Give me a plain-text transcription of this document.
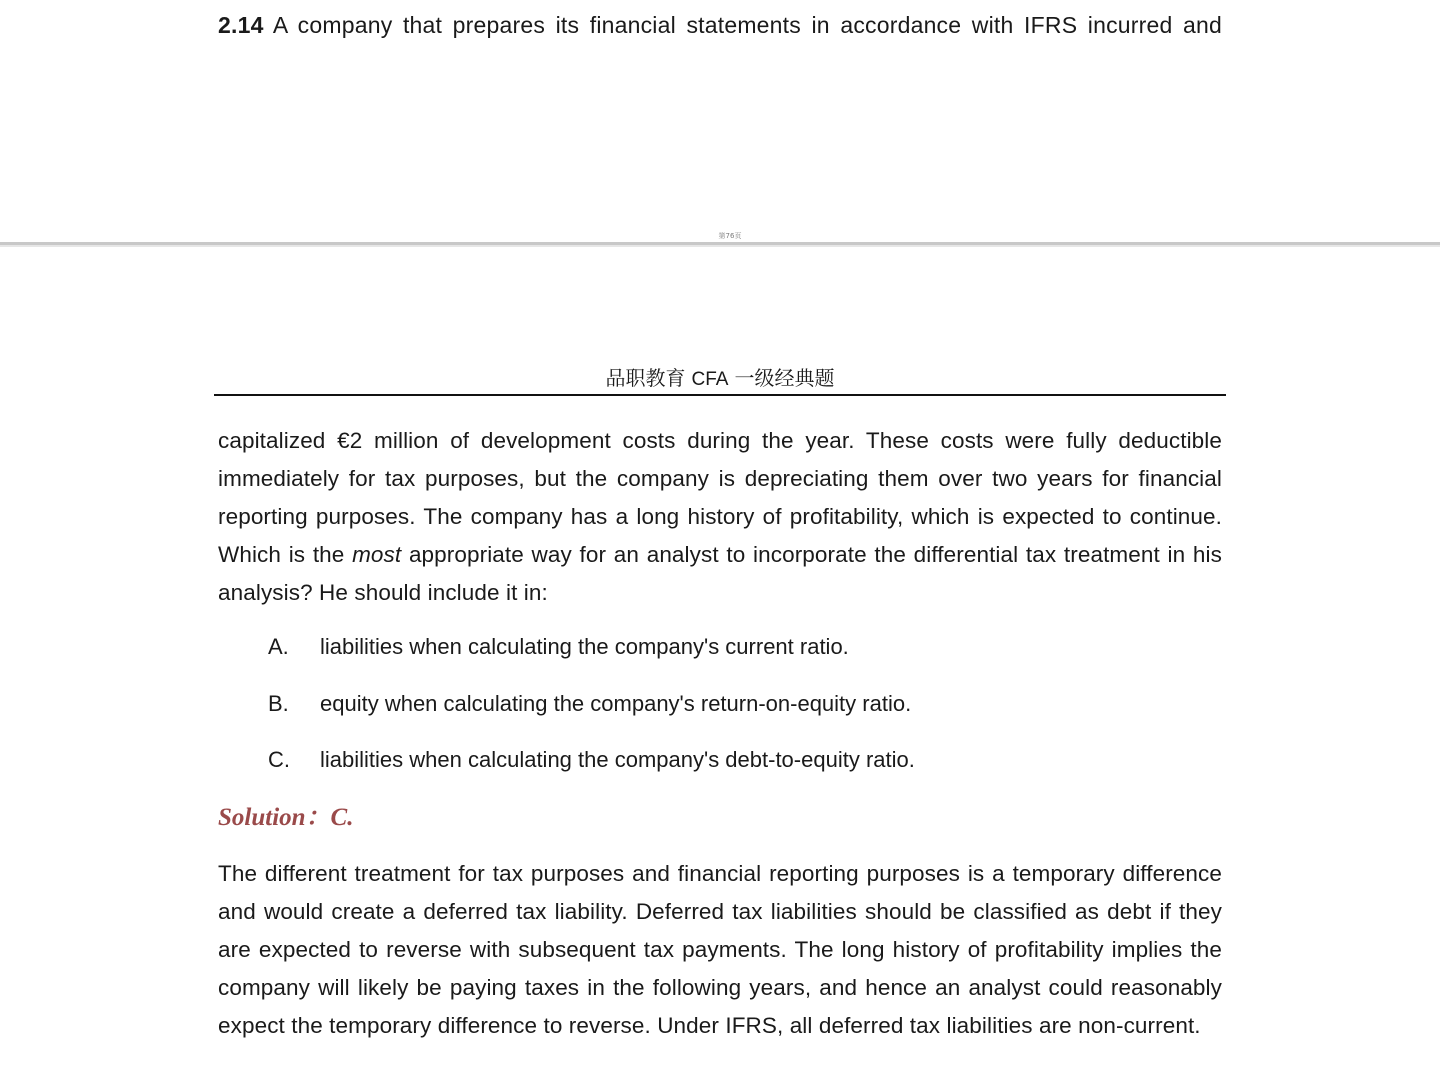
2.14 A company that prepares its financial statements in accordance with IFRS incurred and
第76页
品职教育 CFA 一级经典题
capitalized €2 million of development costs during the year. These costs were fully deductible immediately for tax purposes, but the company is depreciating them over two years for financial reporting purposes. The company has a long history of profitability, which is expected to continue. Which is the most appropriate way for an analyst to incorporate the differential tax treatment in his analysis? He should include it in:
A.	liabilities when calculating the company's current ratio.
B.	equity when calculating the company's return-on-equity ratio.
C.	liabilities when calculating the company's debt-to-equity ratio.
Solution：C.
The different treatment for tax purposes and financial reporting purposes is a temporary difference and would create a deferred tax liability. Deferred tax liabilities should be classified as debt if they are expected to reverse with subsequent tax payments. The long history of profitability implies the company will likely be paying taxes in the following years, and hence an analyst could reasonably expect the temporary difference to reverse. Under IFRS, all deferred tax liabilities are non-current.
